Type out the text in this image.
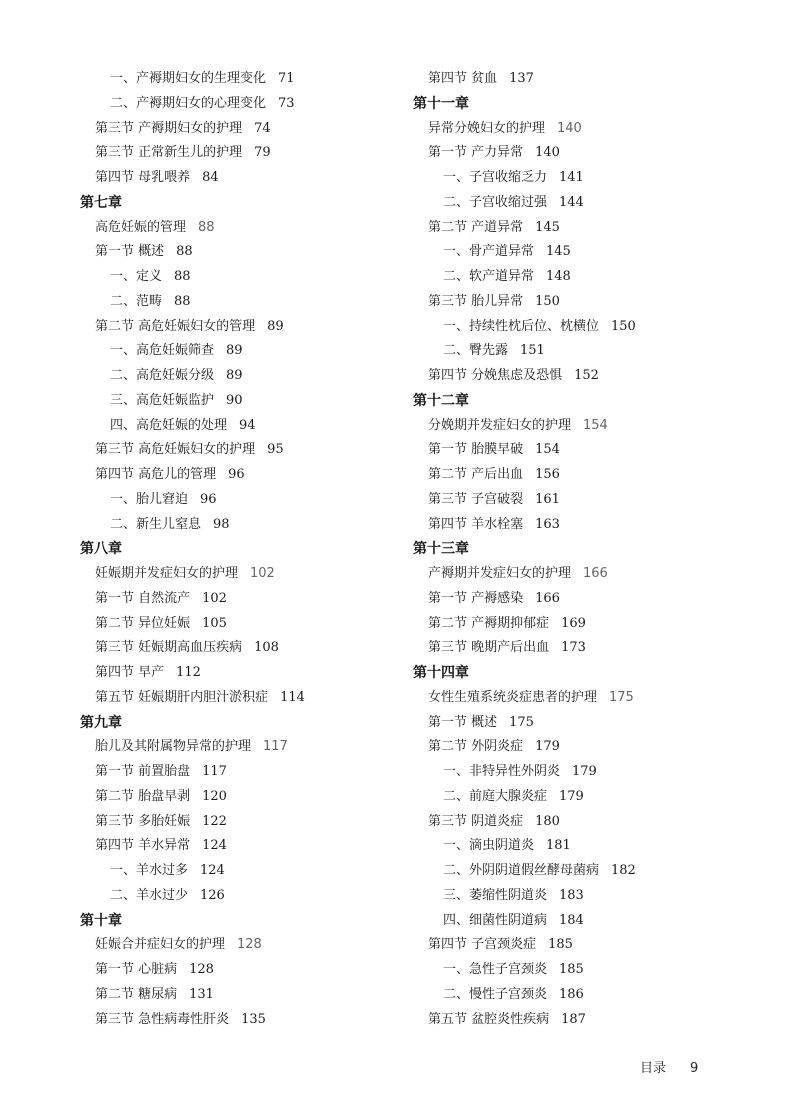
一、产褥期妇女的生理变化 71
二、产褥期妇女的心理变化 73
第三节 产褥期妇女的护理 74
第三节 正常新生儿的护理 79
第四节 母乳喂养 84
第七章
高危妊娠的管理 88
第一节 概述 88
一、定义 88
二、范畴 88
第二节 高危妊娠妇女的管理 89
一、高危妊娠筛查 89
二、高危妊娠分级 89
三、高危妊娠监护 90
四、高危妊娠的处理 94
第三节 高危妊娠妇女的护理 95
第四节 高危儿的管理 96
一、胎儿窘迫 96
二、新生儿窒息 98
第八章
妊娠期并发症妇女的护理 102
第一节 自然流产 102
第二节 异位妊娠 105
第三节 妊娠期高血压疾病 108
第四节 早产 112
第五节 妊娠期肝内胆汁淤积症 114
第九章
胎儿及其附属物异常的护理 117
第一节 前置胎盘 117
第二节 胎盘早剥 120
第三节 多胎妊娠 122
第四节 羊水异常 124
一、羊水过多 124
二、羊水过少 126
第十章
妊娠合并症妇女的护理 128
第一节 心脏病 128
第二节 糖尿病 131
第三节 急性病毒性肝炎 135
第四节 贫血 137
第十一章
异常分娩妇女的护理 140
第一节 产力异常 140
一、子宫收缩乏力 141
二、子宫收缩过强 144
第二节 产道异常 145
一、骨产道异常 145
二、软产道异常 148
第三节 胎儿异常 150
一、持续性枕后位、枕横位 150
二、臀先露 151
第四节 分娩焦虑及恐惧 152
第十二章
分娩期并发症妇女的护理 154
第一节 胎膜早破 154
第二节 产后出血 156
第三节 子宫破裂 161
第四节 羊水栓塞 163
第十三章
产褥期并发症妇女的护理 166
第一节 产褥感染 166
第二节 产褥期抑郁症 169
第三节 晚期产后出血 173
第十四章
女性生殖系统炎症患者的护理 175
第一节 概述 175
第二节 外阴炎症 179
一、非特异性外阴炎 179
二、前庭大腺炎症 179
第三节 阴道炎症 180
一、滴虫阴道炎 181
二、外阴阴道假丝酵母菌病 182
三、萎缩性阴道炎 183
四、细菌性阴道病 184
第四节 子宫颈炎症 185
一、急性子宫颈炎 185
二、慢性子宫颈炎 186
第五节 盆腔炎性疾病 187
目录 9
